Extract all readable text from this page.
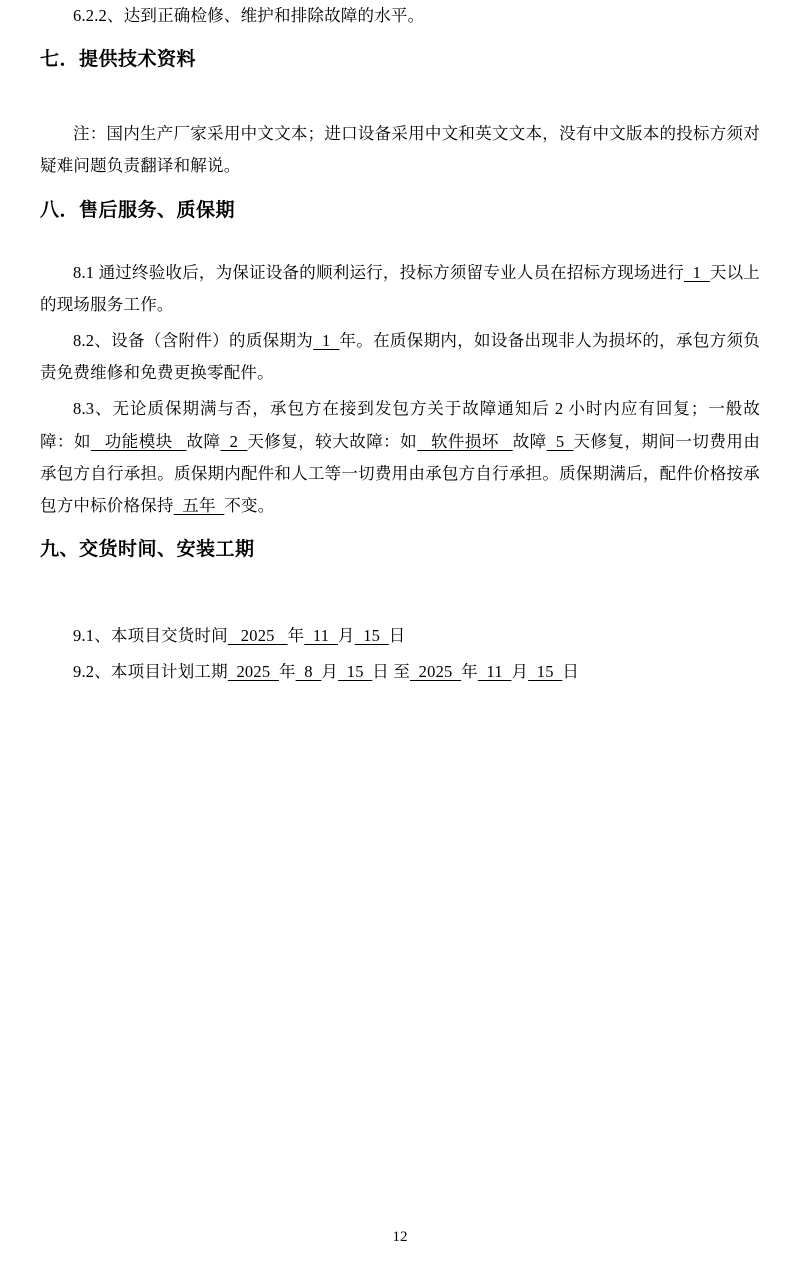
6.2.2、达到正确检修、维护和排除故障的水平。

七．提供技术资料

注：国内生产厂家采用中文文本；进口设备采用中文和英文文本，没有中文版本的投标方须对疑难问题负责翻译和解说。

八．售后服务、质保期

8.1 通过终验收后，为保证设备的顺利运行，投标方须留专业人员在招标方现场进行  1  天以上的现场服务工作。

8.2、设备（含附件）的质保期为  1  年。在质保期内，如设备出现非人为损坏的，承包方须负责免费维修和免费更换零配件。

8.3、无论质保期满与否，承包方在接到发包方关于故障通知后 2 小时内应有回复；一般故障：如   功能模块   故障  2  天修复，较大故障：如   软件损坏   故障  5  天修复，期间一切费用由承包方自行承担。质保期内配件和人工等一切费用由承包方自行承担。质保期满后，配件价格按承包方中标价格保持  五年  不变。

九、交货时间、安装工期

9.1、本项目交货时间   2025   年  11  月  15  日

9.2、本项目计划工期  2025  年  8  月  15  日 至  2025  年  11  月  15  日

12
